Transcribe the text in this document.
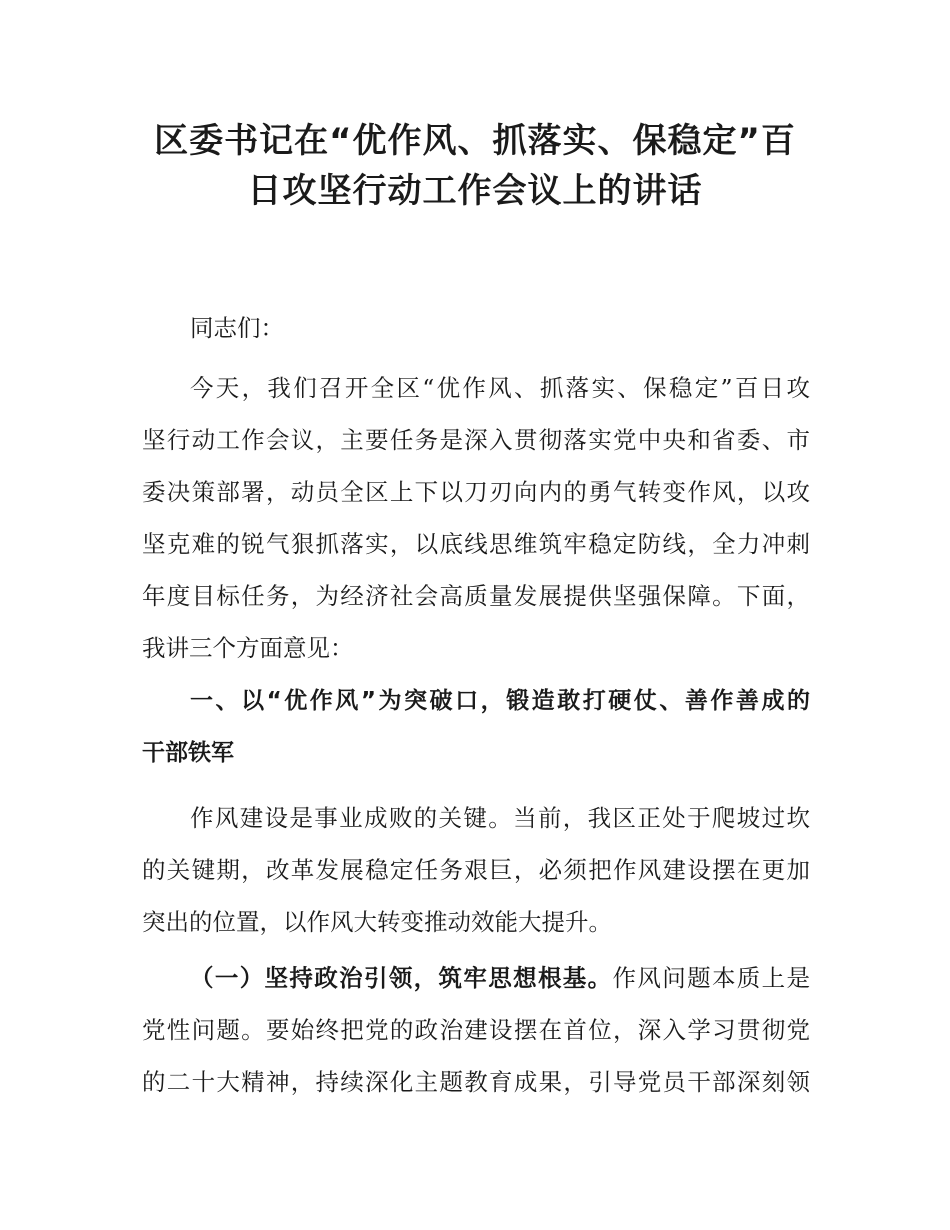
区委书记在“优作风、抓落实、保稳定”百
日攻坚行动工作会议上的讲话
同志们：
今天，我们召开全区“优作风、抓落实、保稳定”百日攻
坚行动工作会议，主要任务是深入贯彻落实党中央和省委、市
委决策部署，动员全区上下以刀刃向内的勇气转变作风，以攻
坚克难的锐气狠抓落实，以底线思维筑牢稳定防线，全力冲刺
年度目标任务，为经济社会高质量发展提供坚强保障。下面，
我讲三个方面意见：
一、以“优作风”为突破口，锻造敢打硬仗、善作善成的
干部铁军
作风建设是事业成败的关键。当前，我区正处于爬坡过坎
的关键期，改革发展稳定任务艰巨，必须把作风建设摆在更加
突出的位置，以作风大转变推动效能大提升。
（一）坚持政治引领，筑牢思想根基。作风问题本质上是
党性问题。要始终把党的政治建设摆在首位，深入学习贯彻党
的二十大精神，持续深化主题教育成果，引导党员干部深刻领
